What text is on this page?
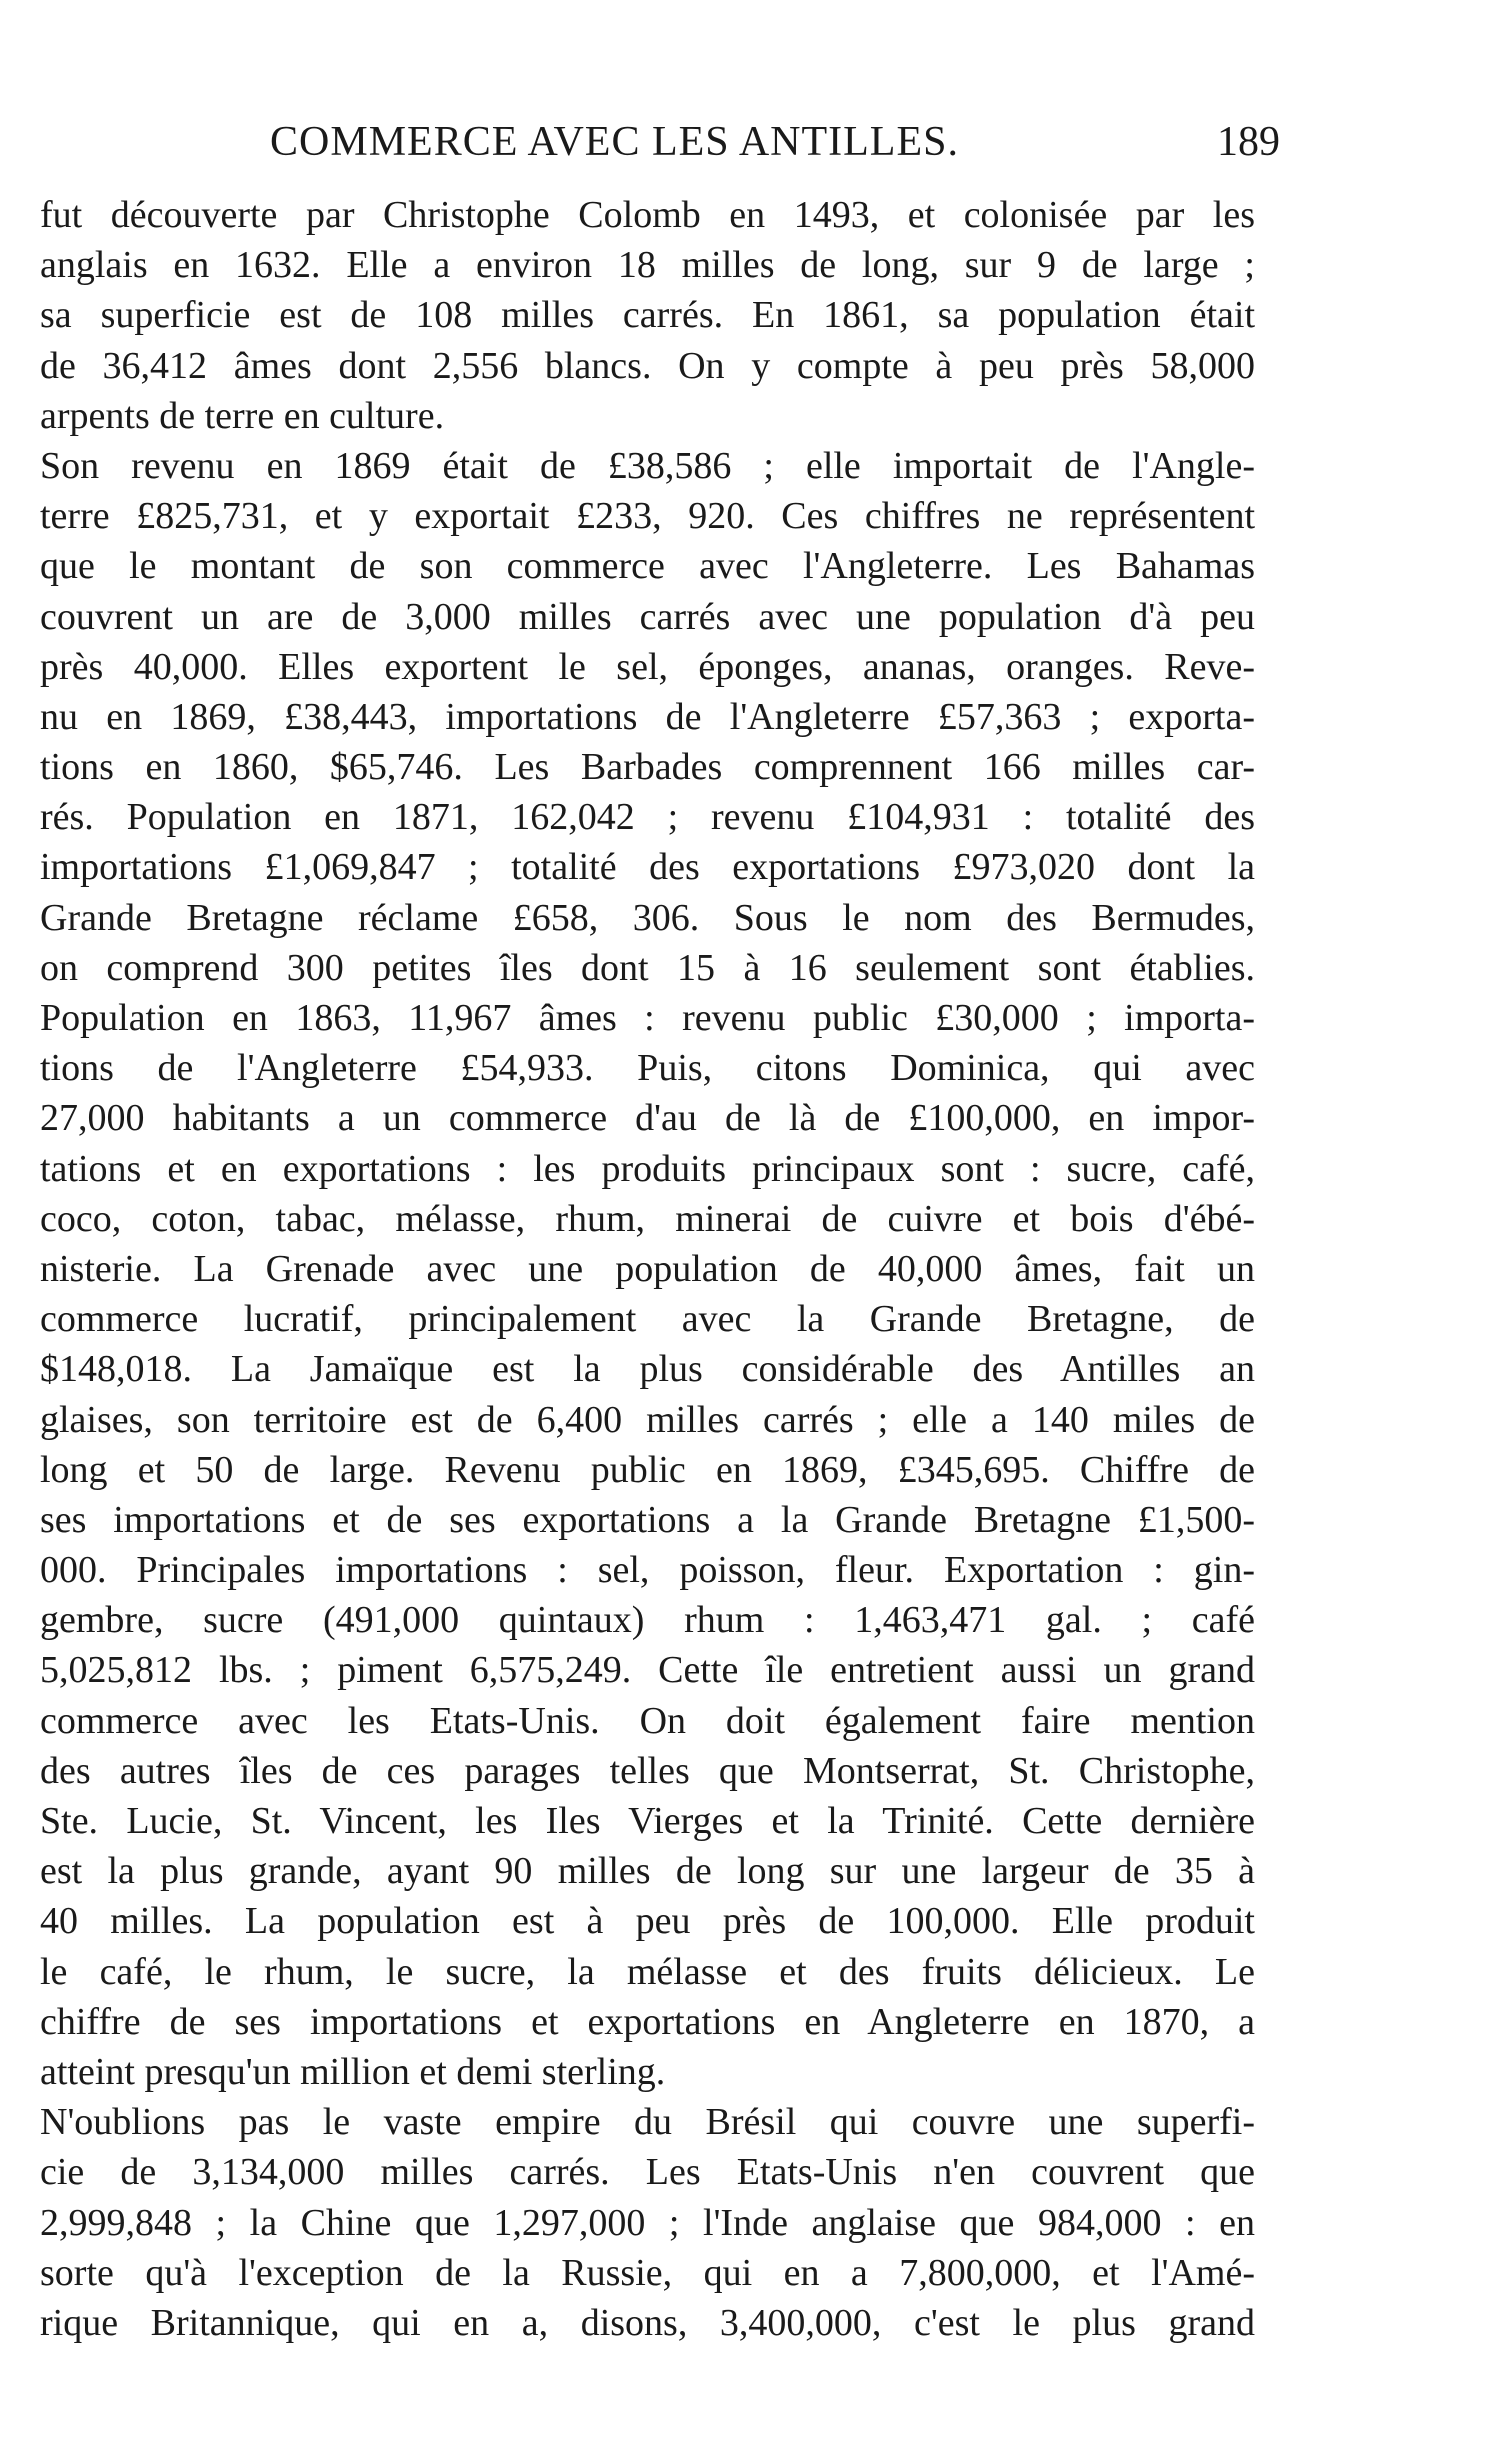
COMMERCE AVEC LES ANTILLES.	189
fut découverte par Christophe Colomb en 1493, et colonisée par les
anglais en 1632. Elle a environ 18 milles de long, sur 9 de large ;
sa superficie est de 108 milles carrés. En 1861, sa population était
de 36,412 âmes dont 2,556 blancs. On y compte à peu près 58,000
arpents de terre en culture.
Son revenu en 1869 était de £38,586 ; elle importait de l'Angle-
terre £825,731, et y exportait £233, 920. Ces chiffres ne représentent
que le montant de son commerce avec l'Angleterre. Les Bahamas
couvrent un are de 3,000 milles carrés avec une population d'à peu
près 40,000. Elles exportent le sel, éponges, ananas, oranges. Reve-
nu en 1869, £38,443, importations de l'Angleterre £57,363 ; exporta-
tions en 1860, $65,746. Les Barbades comprennent 166 milles car-
rés. Population en 1871, 162,042 ; revenu £104,931 : totalité des
importations £1,069,847 ; totalité des exportations £973,020 dont la
Grande Bretagne réclame £658, 306. Sous le nom des Bermudes,
on comprend 300 petites îles dont 15 à 16 seulement sont établies.
Population en 1863, 11,967 âmes : revenu public £30,000 ; importa-
tions de l'Angleterre £54,933. Puis, citons Dominica, qui avec
27,000 habitants a un commerce d'au de là de £100,000, en impor-
tations et en exportations : les produits principaux sont : sucre, café,
coco, coton, tabac, mélasse, rhum, minerai de cuivre et bois d'ébé-
nisterie. La Grenade avec une population de 40,000 âmes, fait un
commerce lucratif, principalement avec la Grande Bretagne, de
$148,018. La Jamaïque est la plus considérable des Antilles an
glaises, son territoire est de 6,400 milles carrés ; elle a 140 miles de
long et 50 de large. Revenu public en 1869, £345,695. Chiffre de
ses importations et de ses exportations a la Grande Bretagne £1,500-
000. Principales importations : sel, poisson, fleur. Exportation : gin-
gembre, sucre (491,000 quintaux) rhum : 1,463,471 gal. ; café
5,025,812 lbs. ; piment 6,575,249. Cette île entretient aussi un grand
commerce avec les Etats-Unis. On doit également faire mention
des autres îles de ces parages telles que Montserrat, St. Christophe,
Ste. Lucie, St. Vincent, les Iles Vierges et la Trinité. Cette dernière
est la plus grande, ayant 90 milles de long sur une largeur de 35 à
40 milles. La population est à peu près de 100,000. Elle produit
le café, le rhum, le sucre, la mélasse et des fruits délicieux. Le
chiffre de ses importations et exportations en Angleterre en 1870, a
atteint presqu'un million et demi sterling.
N'oublions pas le vaste empire du Brésil qui couvre une superfi-
cie de 3,134,000 milles carrés. Les Etats-Unis n'en couvrent que
2,999,848 ; la Chine que 1,297,000 ; l'Inde anglaise que 984,000 : en
sorte qu'à l'exception de la Russie, qui en a 7,800,000, et l'Amé-
rique Britannique, qui en a, disons, 3,400,000, c'est le plus grand
